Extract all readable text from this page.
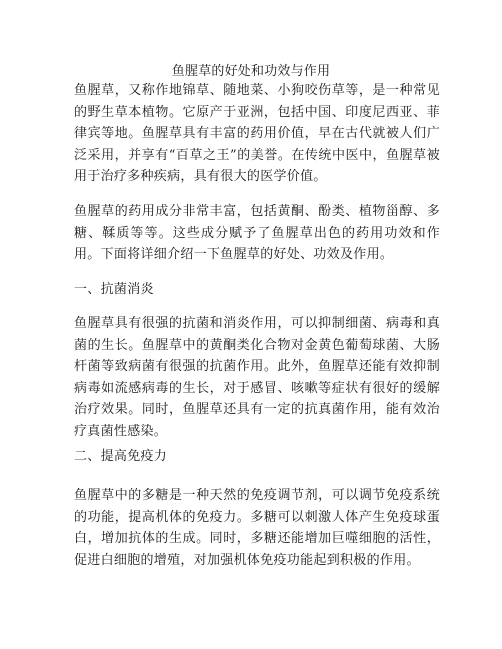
鱼腥草的好处和功效与作用

鱼腥草，又称作地锦草、随地菜、小狗咬伤草等，是一种常见的野生草本植物。它原产于亚洲，包括中国、印度尼西亚、菲律宾等地。鱼腥草具有丰富的药用价值，早在古代就被人们广泛采用，并享有“百草之王”的美誉。在传统中医中，鱼腥草被用于治疗多种疾病，具有很大的医学价值。

鱼腥草的药用成分非常丰富，包括黄酮、酚类、植物甾醇、多糖、鞣质等等。这些成分赋予了鱼腥草出色的药用功效和作用。下面将详细介绍一下鱼腥草的好处、功效及作用。

一、抗菌消炎

鱼腥草具有很强的抗菌和消炎作用，可以抑制细菌、病毒和真菌的生长。鱼腥草中的黄酮类化合物对金黄色葡萄球菌、大肠杆菌等致病菌有很强的抗菌作用。此外，鱼腥草还能有效抑制病毒如流感病毒的生长，对于感冒、咳嗽等症状有很好的缓解治疗效果。同时，鱼腥草还具有一定的抗真菌作用，能有效治疗真菌性感染。

二、提高免疫力

鱼腥草中的多糖是一种天然的免疫调节剂，可以调节免疫系统的功能，提高机体的免疫力。多糖可以刺激人体产生免疫球蛋白，增加抗体的生成。同时，多糖还能增加巨噬细胞的活性，促进白细胞的增殖，对加强机体免疫功能起到积极的作用。
